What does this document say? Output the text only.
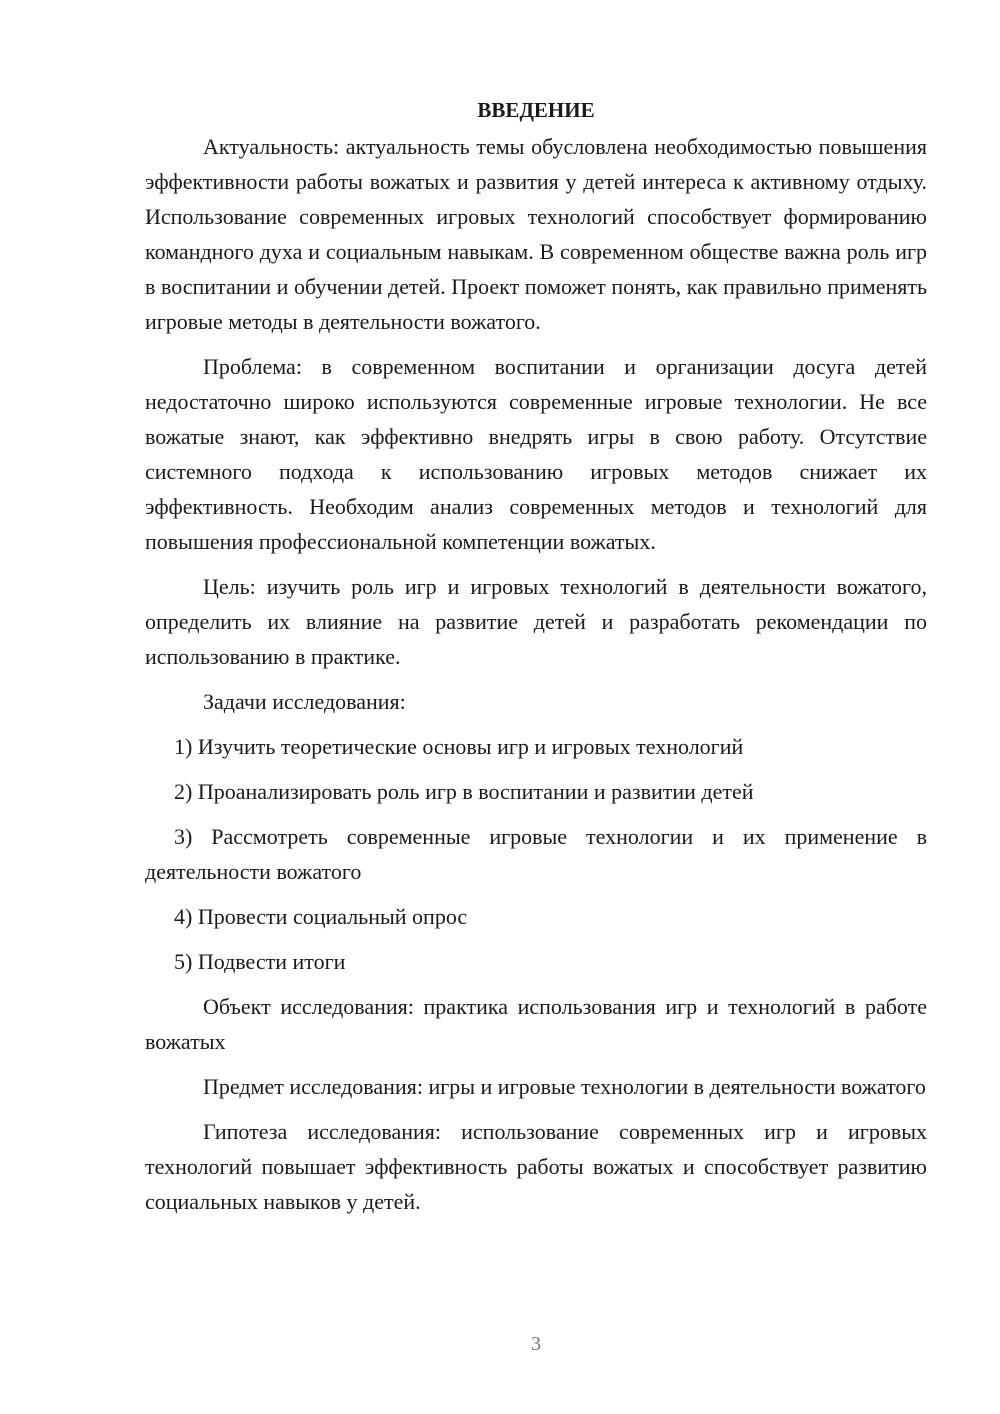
ВВЕДЕНИЕ

Актуальность: актуальность темы обусловлена необходимостью повышения эффективности работы вожатых и развития у детей интереса к активному отдыху. Использование современных игровых технологий способствует формированию командного духа и социальным навыкам. В современном обществе важна роль игр в воспитании и обучении детей. Проект поможет понять, как правильно применять игровые методы в деятельности вожатого.

Проблема: в современном воспитании и организации досуга детей недостаточно широко используются современные игровые технологии. Не все вожатые знают, как эффективно внедрять игры в свою работу. Отсутствие системного подхода к использованию игровых методов снижает их эффективность. Необходим анализ современных методов и технологий для повышения профессиональной компетенции вожатых.

Цель: изучить роль игр и игровых технологий в деятельности вожатого, определить их влияние на развитие детей и разработать рекомендации по использованию в практике.

Задачи исследования:

1) Изучить теоретические основы игр и игровых технологий

2) Проанализировать роль игр в воспитании и развитии детей

3) Рассмотреть современные игровые технологии и их применение в деятельности вожатого

4) Провести социальный опрос

5) Подвести итоги

Объект исследования: практика использования игр и технологий в работе вожатых

Предмет исследования: игры и игровые технологии в деятельности вожатого

Гипотеза исследования: использование современных игр и игровых технологий повышает эффективность работы вожатых и способствует развитию социальных навыков у детей.

3
